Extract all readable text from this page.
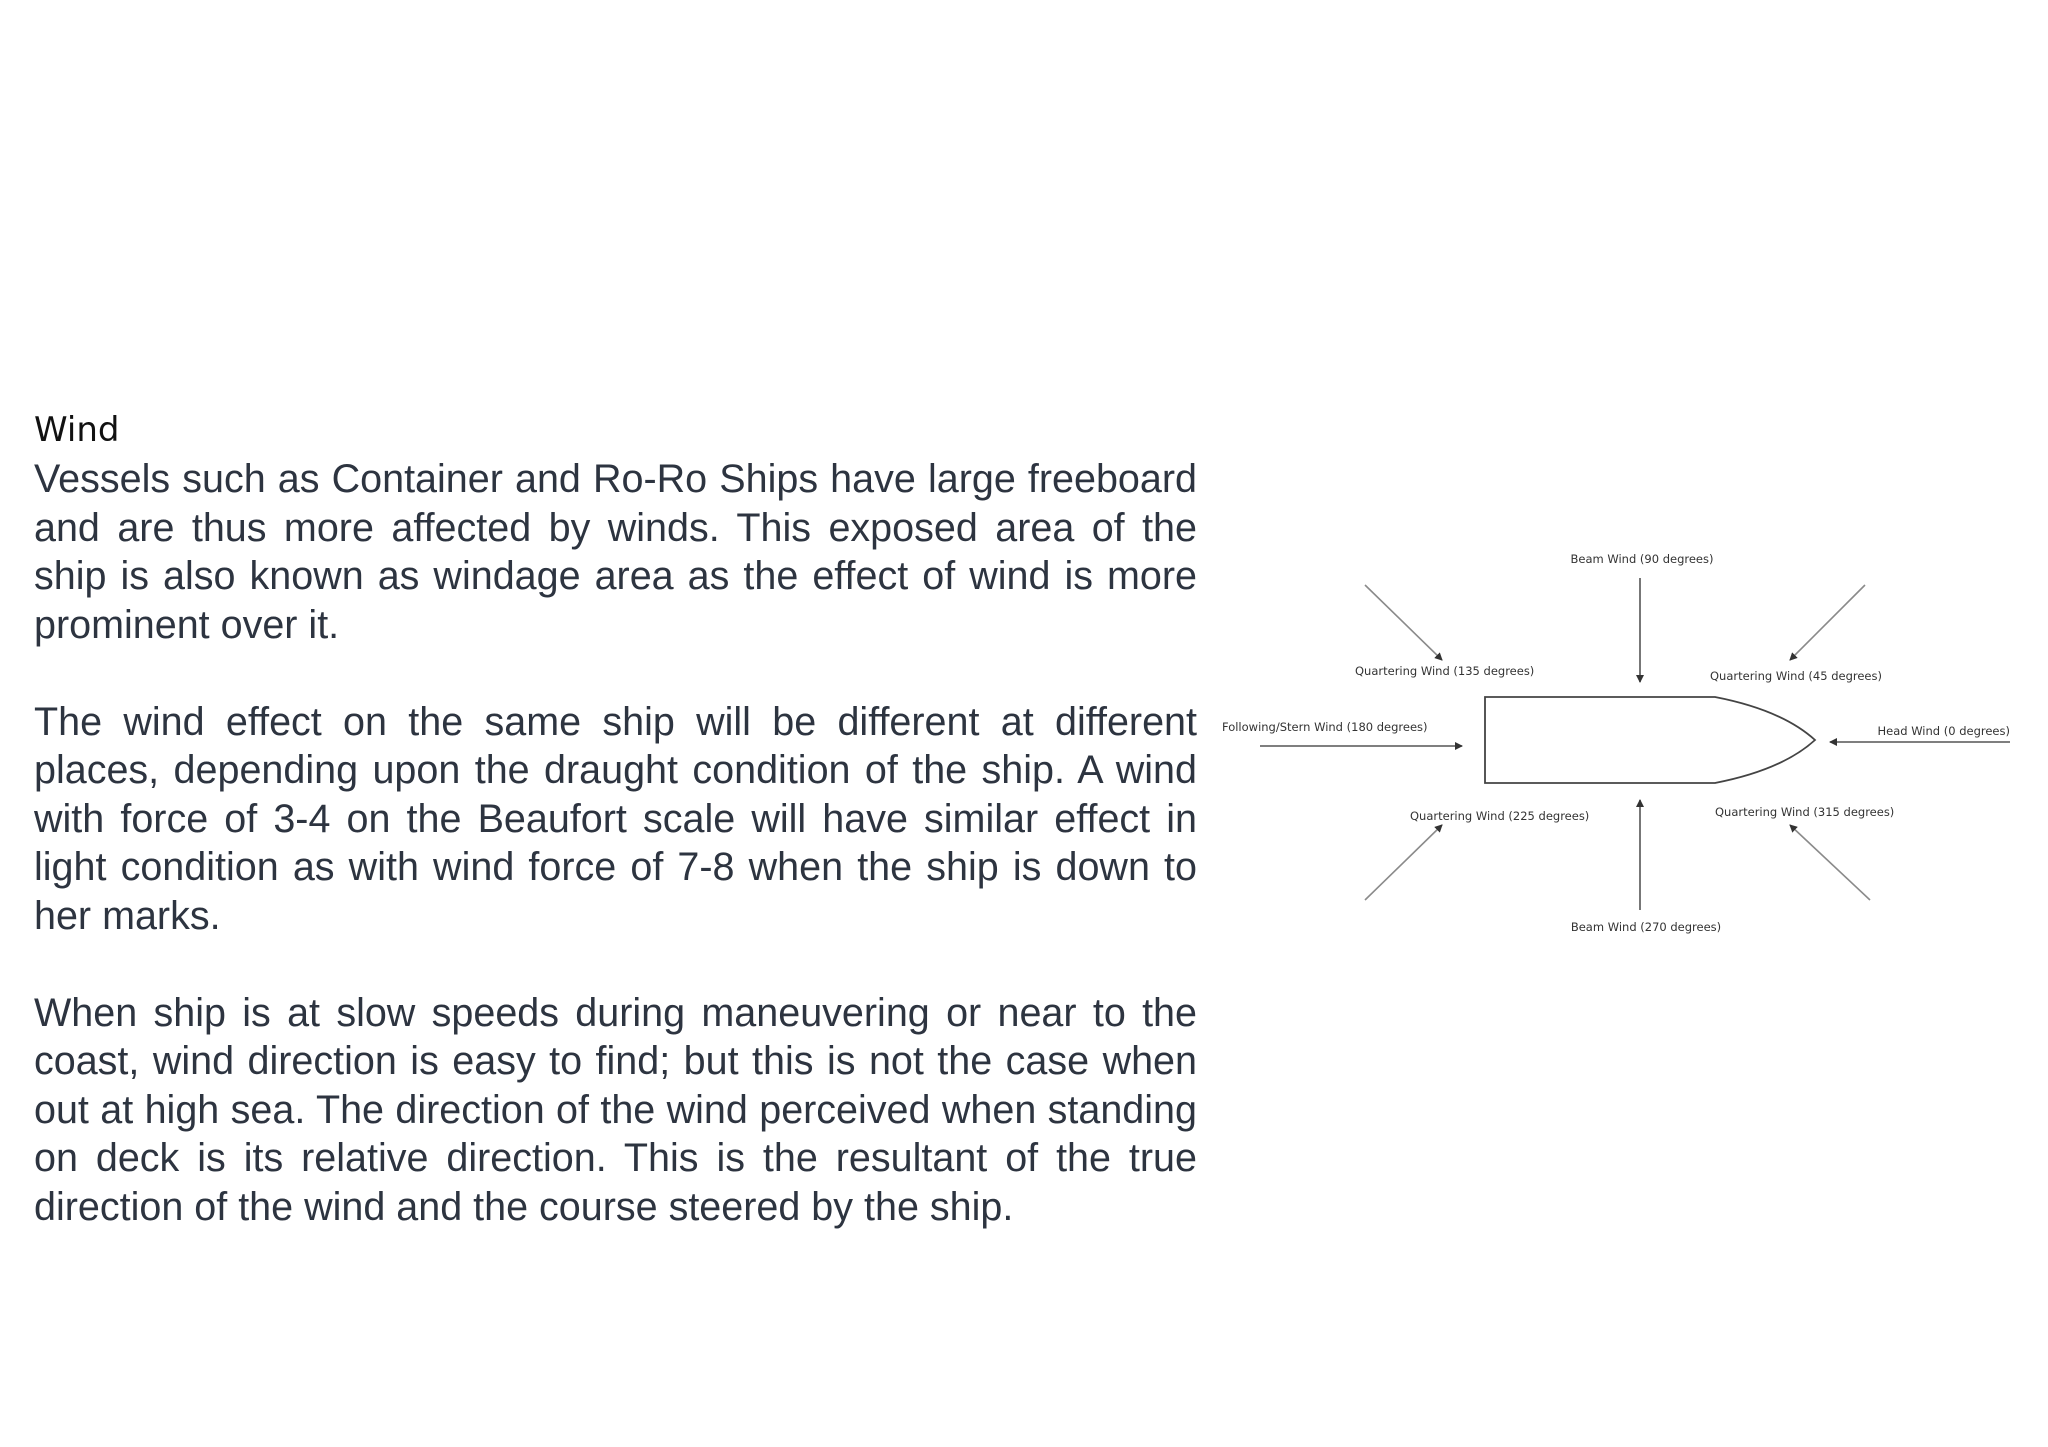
Wind

Vessels such as Container and Ro-Ro Ships have large freeboard and are thus more affected by winds. This exposed area of the ship is also known as windage area as the effect of wind is more prominent over it.

The wind effect on the same ship will be different at different places, depending upon the draught condition of the ship. A wind with force of 3-4 on the Beaufort scale will have similar effect in light condition as with wind force of 7-8 when the ship is down to her marks.

When ship is at slow speeds during maneuvering or near to the coast, wind direction is easy to find; but this is not the case when out at high sea. The direction of the wind perceived when standing on deck is its relative direction. This is the resultant of the true direction of the wind and the course steered by the ship.

Beam Wind (90 degrees)
Quartering Wind (135 degrees)	Quartering Wind (45 degrees)
Following/Stern Wind (180 degrees)	Head Wind (0 degrees)
Quartering Wind (225 degrees)	Quartering Wind (315 degrees)
Beam Wind (270 degrees)
